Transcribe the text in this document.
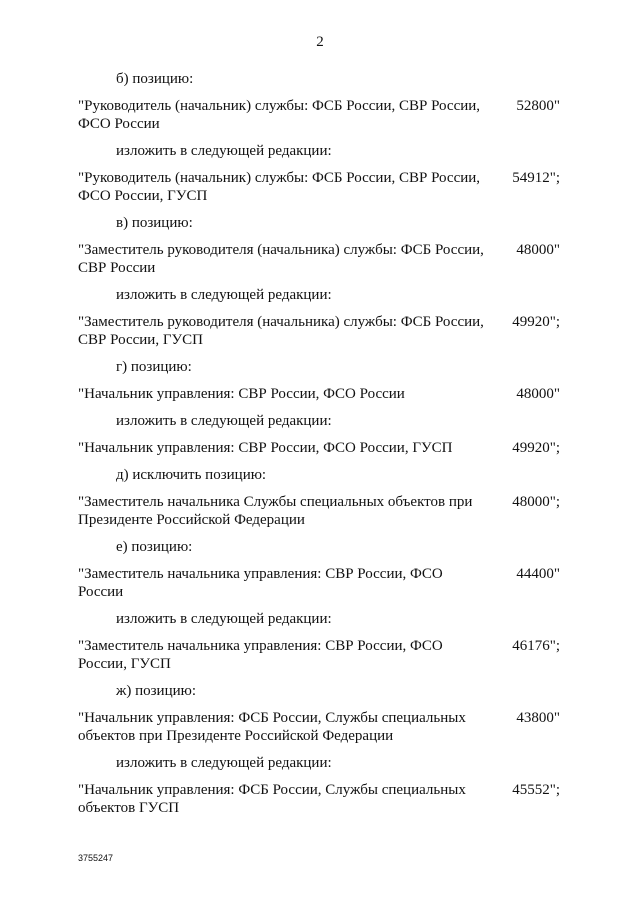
2
б) позицию:
"Руководитель (начальник) службы: ФСБ России, СВР России, ФСО России
52800"
изложить в следующей редакции:
"Руководитель (начальник) службы: ФСБ России, СВР России, ФСО России, ГУСП
54912";
в) позицию:
"Заместитель руководителя (начальника) службы: ФСБ России, СВР России
48000"
изложить в следующей редакции:
"Заместитель руководителя (начальника) службы: ФСБ России, СВР России, ГУСП
49920";
г) позицию:
"Начальник управления: СВР России, ФСО России	48000"
изложить в следующей редакции:
"Начальник управления: СВР России, ФСО России, ГУСП	49920";
д) исключить позицию:
"Заместитель начальника Службы специальных объектов при Президенте Российской Федерации
48000";
е) позицию:
"Заместитель начальника управления: СВР России, ФСО России
44400"
изложить в следующей редакции:
"Заместитель начальника управления: СВР России, ФСО России, ГУСП
46176";
ж) позицию:
"Начальник управления: ФСБ России, Службы специальных объектов при Президенте Российской Федерации
43800"
изложить в следующей редакции:
"Начальник управления: ФСБ России, Службы специальных объектов ГУСП
45552";
3755247
